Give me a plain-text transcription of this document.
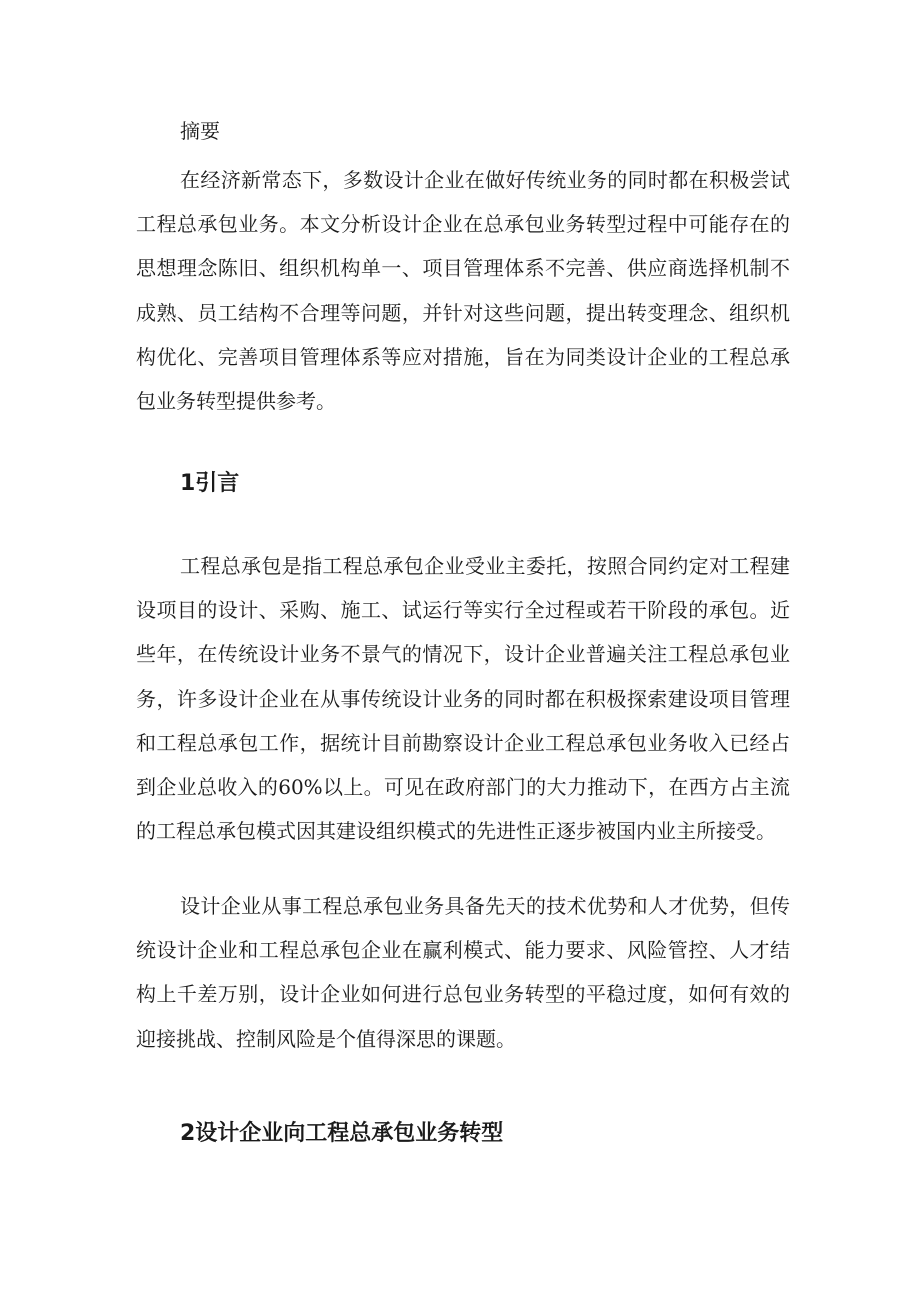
摘要

在经济新常态下，多数设计企业在做好传统业务的同时都在积极尝试工程总承包业务。本文分析设计企业在总承包业务转型过程中可能存在的思想理念陈旧、组织机构单一、项目管理体系不完善、供应商选择机制不成熟、员工结构不合理等问题，并针对这些问题，提出转变理念、组织机构优化、完善项目管理体系等应对措施，旨在为同类设计企业的工程总承包业务转型提供参考。

1引言

工程总承包是指工程总承包企业受业主委托，按照合同约定对工程建设项目的设计、采购、施工、试运行等实行全过程或若干阶段的承包。近些年，在传统设计业务不景气的情况下，设计企业普遍关注工程总承包业务，许多设计企业在从事传统设计业务的同时都在积极探索建设项目管理和工程总承包工作，据统计目前勘察设计企业工程总承包业务收入已经占到企业总收入的60%以上。可见在政府部门的大力推动下，在西方占主流的工程总承包模式因其建设组织模式的先进性正逐步被国内业主所接受。

设计企业从事工程总承包业务具备先天的技术优势和人才优势，但传统设计企业和工程总承包企业在赢利模式、能力要求、风险管控、人才结构上千差万别，设计企业如何进行总包业务转型的平稳过度，如何有效的迎接挑战、控制风险是个值得深思的课题。

2设计企业向工程总承包业务转型
